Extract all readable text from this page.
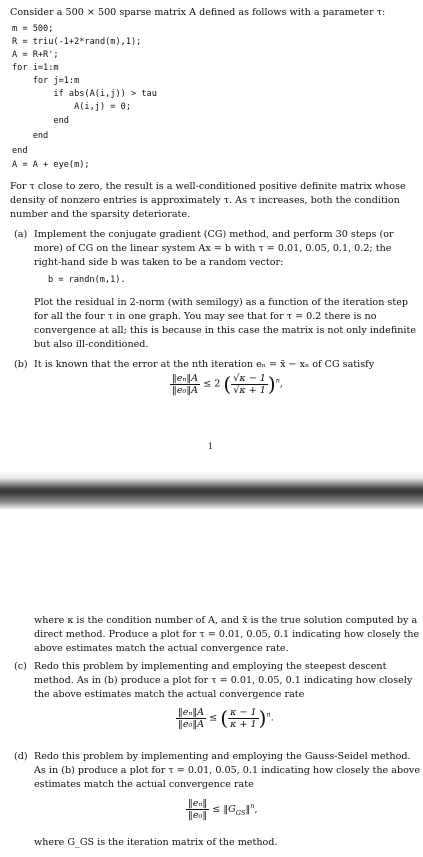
Consider a 500 × 500 sparse matrix A defined as follows with a parameter τ:
m = 500;
R = triu(-1+2*rand(m),1);
A = R+R';
for i=1:m
for j=1:m
if abs(A(i,j)) > tau
A(i,j) = 0;
end
end
end
A = A + eye(m);
For τ close to zero, the result is a well-conditioned positive definite matrix whose
density of nonzero entries is approximately τ. As τ increases, both the condition
number and the sparsity deteriorate.
(a) Implement the conjugate gradient (CG) method, and perform 30 steps (or
more) of CG on the linear system Ax = b with τ = 0.01, 0.05, 0.1, 0.2; the
right-hand side b was taken to be a random vector:
b = randn(m,1).
Plot the residual in 2-norm (with semilogy) as a function of the iteration step
for all the four τ in one graph. You may see that for τ = 0.2 there is no
convergence at all; this is because in this case the matrix is not only indefinite
but also ill-conditioned.
(b) It is known that the error at the nth iteration eₙ = x̄ − xₙ of CG satisfy
$\frac{\text{‖eₙ‖A}}{\text{‖e₀‖A}} \le 2$ ( $\frac{√\kappa - 1}{√\kappa + 1} )^n$,
1
where κ is the condition number of A, and x̄ is the true solution computed by a
direct method. Produce a plot for τ = 0.01, 0.05, 0.1 indicating how closely the
above estimates match the actual convergence rate.
(c) Redo this problem by implementing and employing the steepest descent
method. As in (b) produce a plot for τ = 0.01, 0.05, 0.1 indicating how closely
the above estimates match the actual convergence rate
$\frac{\text{‖eₙ‖A}}{\text{‖e₀‖A}}$ ≤ ( $\frac{\kappa - 1}{\kappa + 1} )^n$.
(d) Redo this problem by implementing and employing the Gauss-Seidel method.
As in (b) produce a plot for τ = 0.01, 0.05, 0.1 indicating how closely the above
estimates match the actual convergence rate
$\frac{\text{‖eₙ‖}}{\text{‖e₀‖}}$ ≤ $‖G_{GS}‖^n$,
where G_GS is the iteration matrix of the method.
